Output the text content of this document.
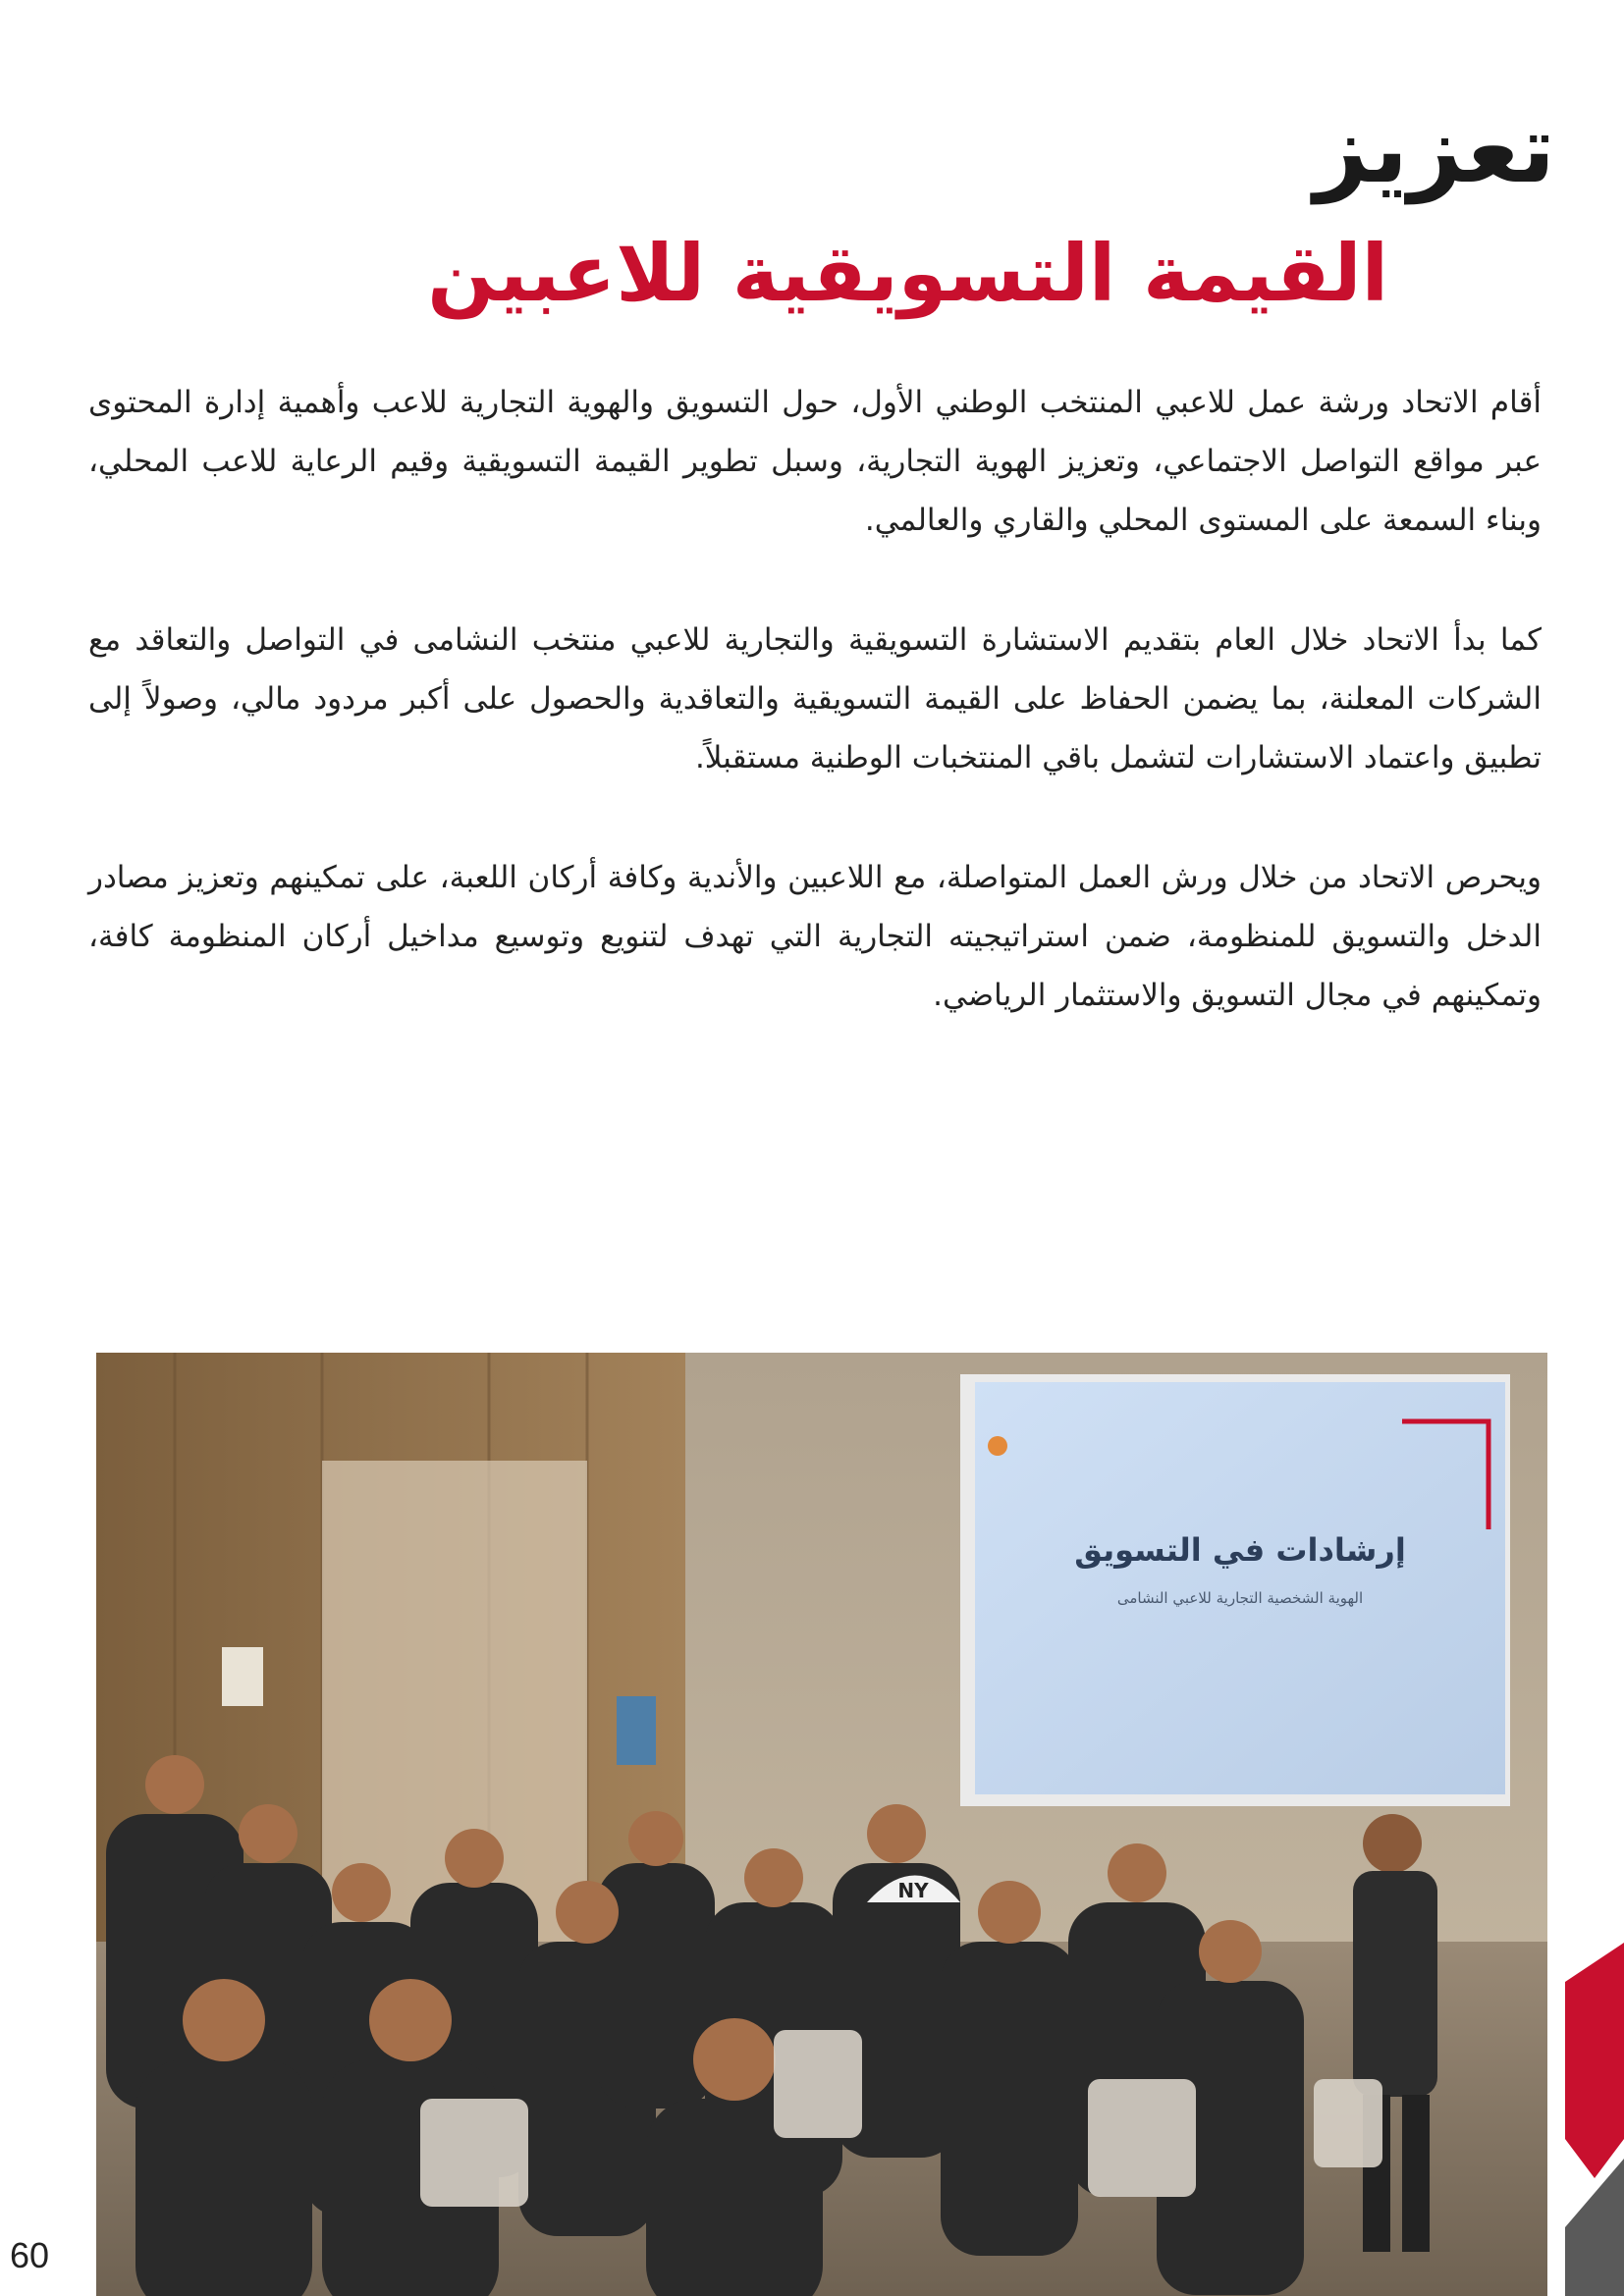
تعزيز
القيمة التسويقية للاعبين

أقام الاتحاد ورشة عمل للاعبي المنتخب الوطني الأول، حول التسويق والهوية التجارية للاعب وأهمية إدارة المحتوى عبر مواقع التواصل الاجتماعي، وتعزيز الهوية التجارية، وسبل تطوير القيمة التسويقية وقيم الرعاية للاعب المحلي، وبناء السمعة على المستوى المحلي والقاري والعالمي.

كما بدأ الاتحاد خلال العام بتقديم الاستشارة التسويقية والتجارية للاعبي منتخب النشامى في التواصل والتعاقد مع الشركات المعلنة، بما يضمن الحفاظ على القيمة التسويقية والتعاقدية والحصول على أكبر مردود مالي، وصولاً إلى تطبيق واعتماد الاستشارات لتشمل باقي المنتخبات الوطنية مستقبلاً.

ويحرص الاتحاد من خلال ورش العمل المتواصلة، مع اللاعبين والأندية وكافة أركان اللعبة، على تمكينهم وتعزيز مصادر الدخل والتسويق للمنظومة، ضمن استراتيجيته التجارية التي تهدف لتنويع وتوسيع مداخيل أركان المنظومة كافة، وتمكينهم في مجال التسويق والاستثمار الرياضي.

إرشادات في التسويق
الهوية الشخصية التجارية للاعبي النشامى
NY
60
